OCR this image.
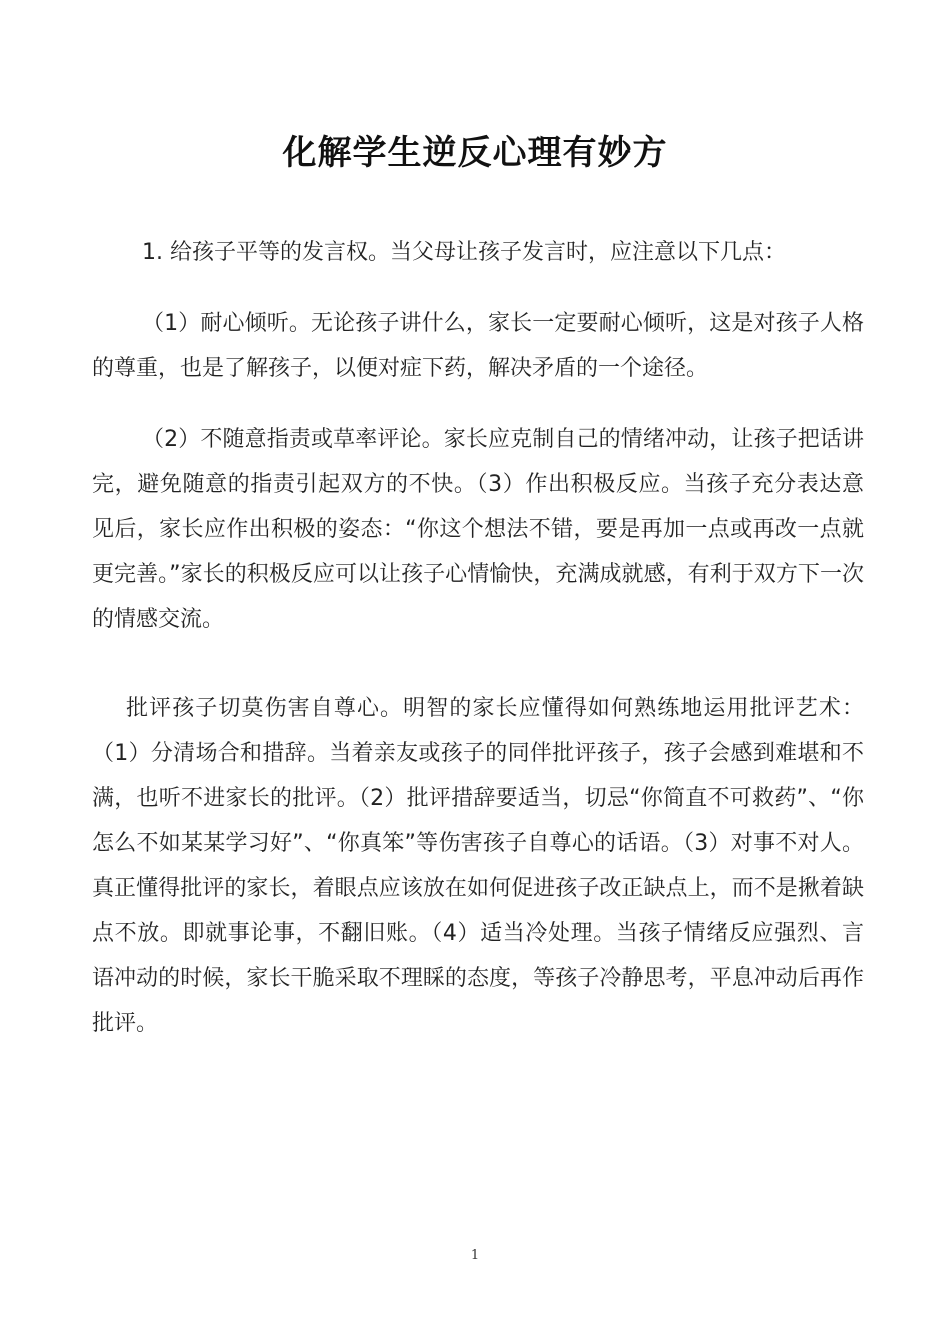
化解学生逆反心理有妙方

1. 给孩子平等的发言权。当父母让孩子发言时，应注意以下几点：

（1）耐心倾听。无论孩子讲什么，家长一定要耐心倾听，这是对孩子人格的尊重，也是了解孩子，以便对症下药，解决矛盾的一个途径。

（2）不随意指责或草率评论。家长应克制自己的情绪冲动，让孩子把话讲完，避免随意的指责引起双方的不快。（3）作出积极反应。当孩子充分表达意见后，家长应作出积极的姿态：“你这个想法不错，要是再加一点或再改一点就更完善。”家长的积极反应可以让孩子心情愉快，充满成就感，有利于双方下一次的情感交流。

批评孩子切莫伤害自尊心。明智的家长应懂得如何熟练地运用批评艺术：（1）分清场合和措辞。当着亲友或孩子的同伴批评孩子，孩子会感到难堪和不满，也听不进家长的批评。（2）批评措辞要适当，切忌“你简直不可救药”、“你怎么不如某某学习好”、“你真笨”等伤害孩子自尊心的话语。（3）对事不对人。真正懂得批评的家长，着眼点应该放在如何促进孩子改正缺点上，而不是揪着缺点不放。即就事论事，不翻旧账。（4）适当冷处理。当孩子情绪反应强烈、言语冲动的时候，家长干脆采取不理睬的态度，等孩子冷静思考，平息冲动后再作批评。

1
